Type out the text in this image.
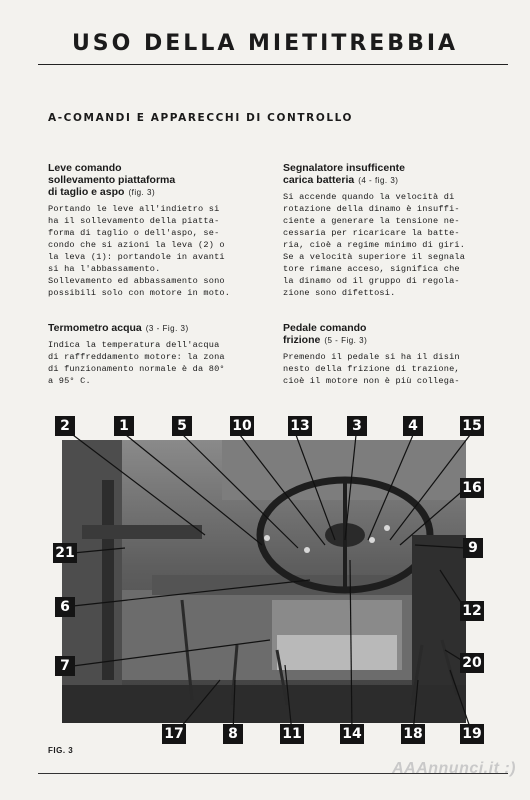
USO DELLA MIETITREBBIA
A-COMANDI E APPARECCHI DI CONTROLLO
Leve comando
sollevamento piattaforma
di taglio e aspo (fig. 3)

Portando le leve all'indietro si
ha il sollevamento della piatta-
forma di taglio o dell'aspo, se-
condo che si azioni la leva (2) o
la leva (1): portandole in avanti
si ha l'abbassamento.
Sollevamento ed abbassamento sono
possibili solo con motore in moto.

Termometro acqua (3 - Fig. 3)

Indica la temperatura dell'acqua
di raffreddamento motore: la zona
di funzionamento normale è da 80°
a 95° C.

Segnalatore insufficente
carica batteria (4 - fig. 3)

Si accende quando la velocità di
rotazione della dinamo è insuffi-
ciente a generare la tensione ne-
cessaria per ricaricare la batte-
ria, cioè a regime minimo di giri.
Se a velocità superiore il segnala
tore rimane acceso, significa che
la dinamo od il gruppo di regola-
zione sono difettosi.

Pedale comando
frizione (5 - Fig. 3)

Premendo il pedale si ha il disin
nesto della frizione di trazione,
cioè il motore non è più collega-

2	1	5	10	13	3	4	15
16
9
21
6	12
7	20
17	8	11	14	18	19
FIG. 3
AAAnnunci.it :)
